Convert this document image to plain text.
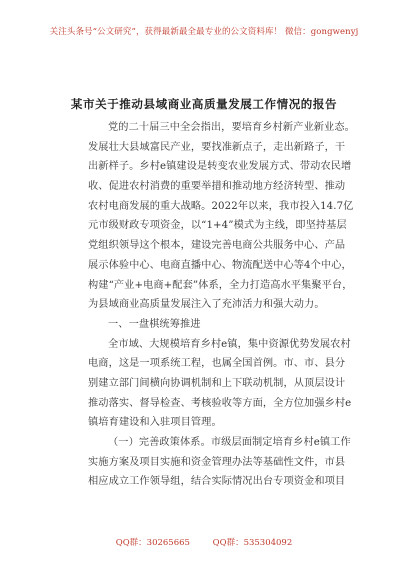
关注头条号“公文研究”，获得最新最全最专业的公文资料库！ 微信：gongwenyj
某市关于推动县域商业高质量发展工作情况的报告
党的二十届三中全会指出，要培育乡村新产业新业态。
发展壮大县域富民产业，要找准新点子，走出新路子，干
出新样子。乡村e镇建设是转变农业发展方式、带动农民增
收、促进农村消费的重要举措和推动地方经济转型、推动
农村电商发展的重大战略。2022年以来，我市投入14.7亿
元市级财政专项资金，以“1+4”模式为主线，即坚持基层
党组织领导这个根本，建设完善电商公共服务中心、产品
展示体验中心、电商直播中心、物流配送中心等4个中心，
构建“产业+电商+配套”体系，全力打造高水平集聚平台，
为县域商业高质量发展注入了充沛活力和强大动力。
一、一盘棋统筹推进
全市域、大规模培育乡村e镇，集中资源优势发展农村
电商，这是一项系统工程，也属全国首例。市、市、县分
别建立部门间横向协调机制和上下联动机制，从顶层设计
推动落实、督导检查、考核验收等方面，全方位加强乡村e
镇培育建设和入驻项目管理。
（一）完善政策体系。市级层面制定培育乡村e镇工作
实施方案及项目实施和资金管理办法等基础性文件，市县
相应成立工作领导组，结合实际情况出台专项资金和项目
QQ群：30265665	QQ群：535304092
